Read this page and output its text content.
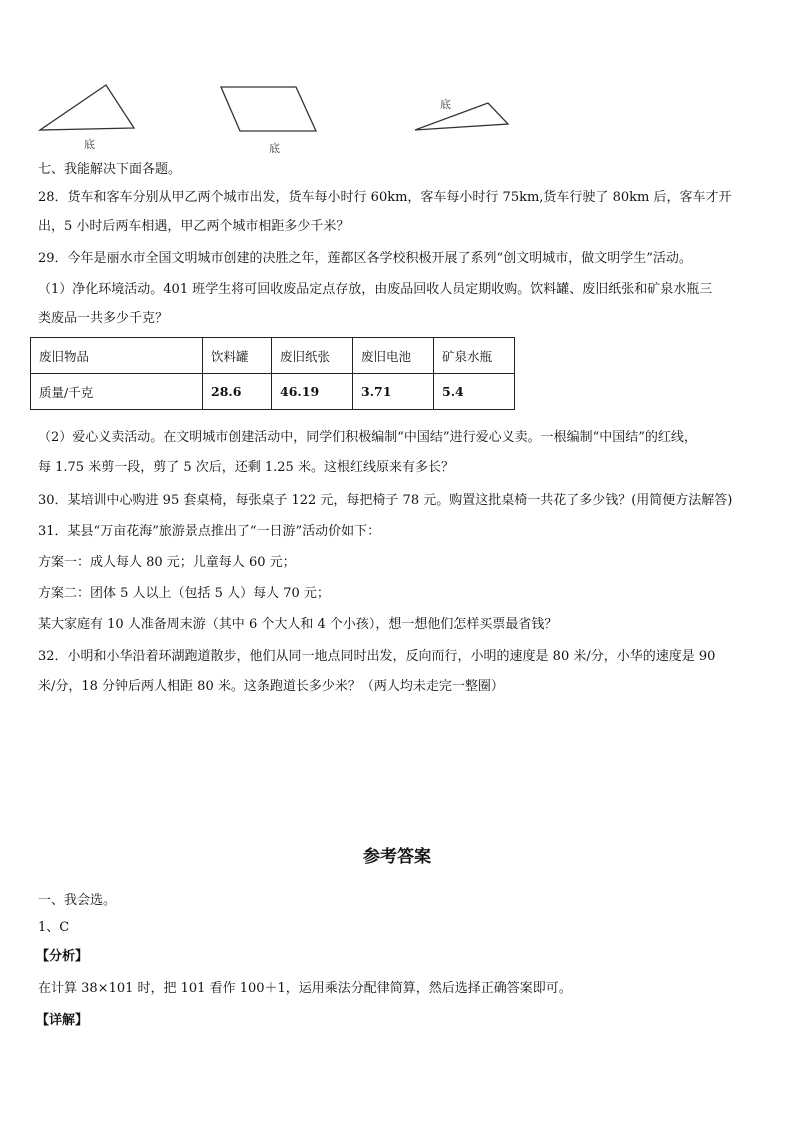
底	底
底
七、我能解决下面各题。
28．货车和客车分别从甲乙两个城市出发，货车每小时行 60km，客车每小时行 75km,货车行驶了 80km 后，客车才开
出，5 小时后两车相遇，甲乙两个城市相距多少千米？
29．今年是丽水市全国文明城市创建的决胜之年，莲都区各学校积极开展了系列“创文明城市，做文明学生”活动。
（1）净化环境活动。401 班学生将可回收废品定点存放，由废品回收人员定期收购。饮料罐、废旧纸张和矿泉水瓶三
类废品一共多少千克？
废旧物品	饮料罐	废旧纸张	废旧电池	矿泉水瓶
质量/千克	28.6	46.19	3.71	5.4
（2）爱心义卖活动。在文明城市创建活动中，同学们积极编制“中国结”进行爱心义卖。一根编制“中国结”的红线，
每 1.75 米剪一段，剪了 5 次后，还剩 1.25 米。这根红线原来有多长？
30．某培训中心购进 95 套桌椅，每张桌子 122 元，每把椅子 78 元。购置这批桌椅一共花了多少钱？(用简便方法解答)
31．某县“万亩花海”旅游景点推出了“一日游”活动价如下：
方案一：成人每人 80 元；儿童每人 60 元；
方案二：团体 5 人以上（包括 5 人）每人 70 元；
某大家庭有 10 人准备周末游（其中 6 个大人和 4 个小孩），想一想他们怎样买票最省钱？
32．小明和小华沿着环湖跑道散步，他们从同一地点同时出发，反向而行，小明的速度是 80 米/分，小华的速度是 90
米/分，18 分钟后两人相距 80 米。这条跑道长多少米？（两人均未走完一整圈）
参考答案
一、我会选。
1、C
【分析】
在计算 38×101 时，把 101 看作 100＋1，运用乘法分配律简算，然后选择正确答案即可。
【详解】
